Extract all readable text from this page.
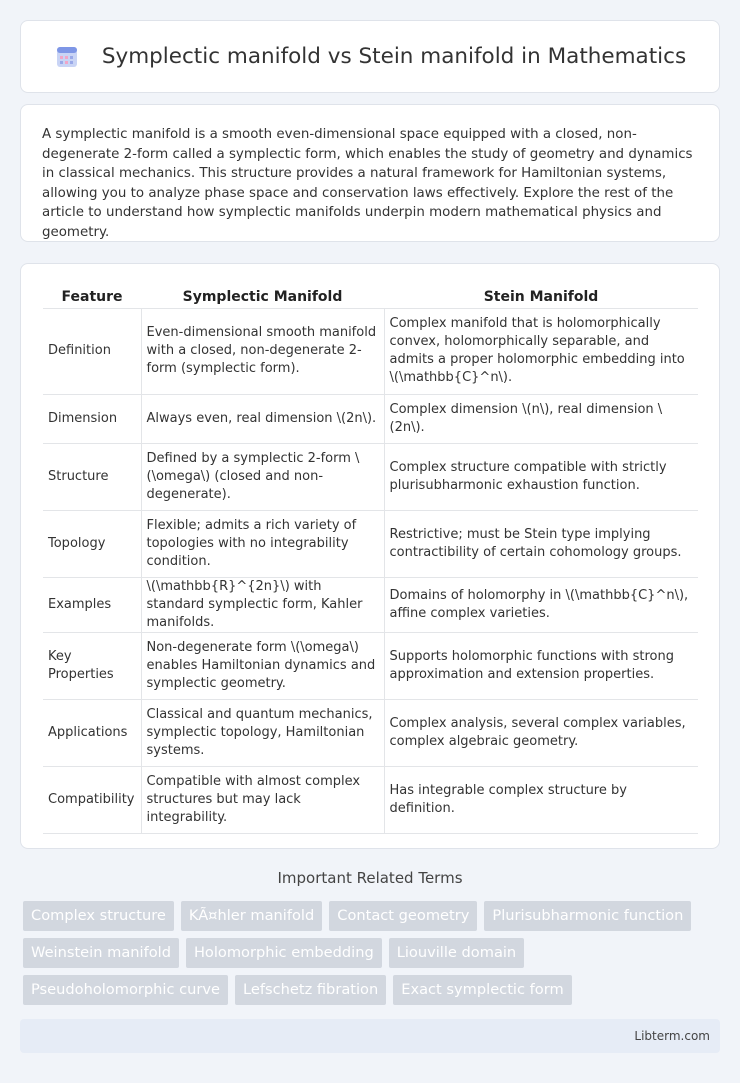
Symplectic manifold vs Stein manifold in Mathematics

A symplectic manifold is a smooth even-dimensional space equipped with a closed, non-degenerate 2-form called a symplectic form, which enables the study of geometry and dynamics in classical mechanics. This structure provides a natural framework for Hamiltonian systems, allowing you to analyze phase space and conservation laws effectively. Explore the rest of the article to understand how symplectic manifolds underpin modern mathematical physics and geometry.

Feature	Symplectic Manifold	Stein Manifold
Definition	Even-dimensional smooth manifold with a closed, non-degenerate 2-form (symplectic form).	Complex manifold that is holomorphically convex, holomorphically separable, and admits a proper holomorphic embedding into \(\mathbb{C}^n\).
Dimension	Always even, real dimension \(2n\).	Complex dimension \(n\), real dimension \(2n\).
Structure	Defined by a symplectic 2-form \(\omega\) (closed and non-degenerate).	Complex structure compatible with strictly plurisubharmonic exhaustion function.
Topology	Flexible; admits a rich variety of topologies with no integrability condition.	Restrictive; must be Stein type implying contractibility of certain cohomology groups.
Examples	\(\mathbb{R}^{2n}\) with standard symplectic form, Kahler manifolds.	Domains of holomorphy in \(\mathbb{C}^n\), affine complex varieties.
Key Properties	Non-degenerate form \(\omega\) enables Hamiltonian dynamics and symplectic geometry.	Supports holomorphic functions with strong approximation and extension properties.
Applications	Classical and quantum mechanics, symplectic topology, Hamiltonian systems.	Complex analysis, several complex variables, complex algebraic geometry.
Compatibility	Compatible with almost complex structures but may lack integrability.	Has integrable complex structure by definition.
Important Related Terms
Complex structure	KÃ¤hler manifold	Contact geometry	Plurisubharmonic function
Weinstein manifold	Holomorphic embedding	Liouville domain
Pseudoholomorphic curve	Lefschetz fibration	Exact symplectic form
Libterm.com
